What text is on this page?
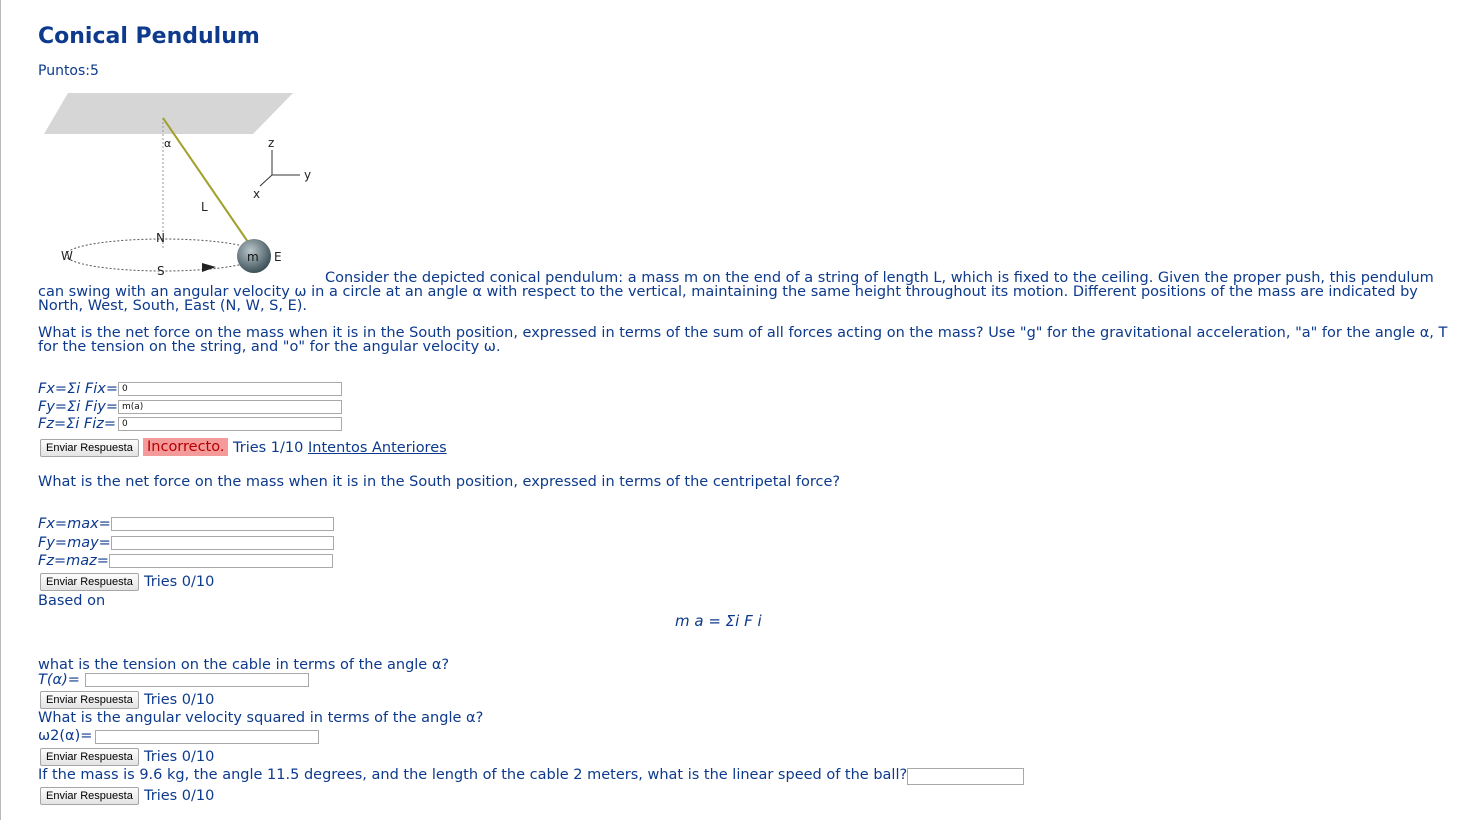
Conical Pendulum
Puntos:5
α	z
y
x
L
N
W
S
E
m
Consider the depicted conical pendulum: a mass m on the end of a string of length L, which is fixed to the ceiling. Given the proper push, this pendulum
can swing with an angular velocity ω in a circle at an angle α with respect to the vertical, maintaining the same height throughout its motion. Different positions of the mass are indicated by
North, West, South, East (N, W, S, E).
What is the net force on the mass when it is in the South position, expressed in terms of the sum of all forces acting on the mass? Use "g" for the gravitational acceleration, "a" for the angle α, T
for the tension on the string, and "o" for the angular velocity ω.
Fx=Σi Fix=
0
Fy=Σi Fiy=
m(a)
Fz=Σi Fiz=
0
Enviar Respuesta Incorrecto. Tries 1/10 Intentos Anteriores
What is the net force on the mass when it is in the South position, expressed in terms of the centripetal force?
Fx=max=
Fy=may=
Fz=maz=
Enviar Respuesta Tries 0/10
Based on
m a = Σi F i
what is the tension on the cable in terms of the angle α?
T(α)=
Enviar Respuesta Tries 0/10
What is the angular velocity squared in terms of the angle α?
ω2(α)=
Enviar Respuesta Tries 0/10
If the mass is 9.6 kg, the angle 11.5 degrees, and the length of the cable 2 meters, what is the linear speed of the ball?
Enviar Respuesta Tries 0/10
